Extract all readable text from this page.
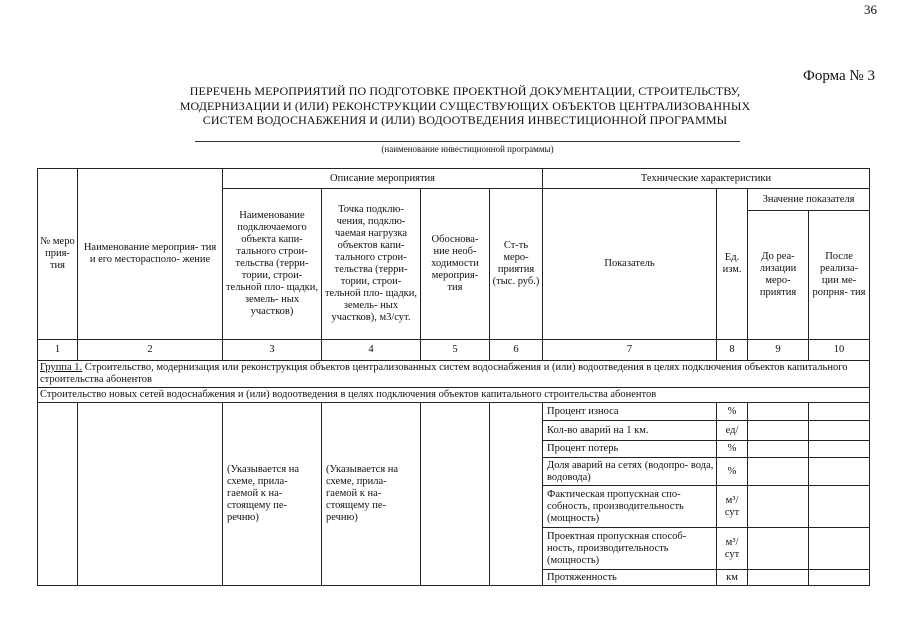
36
Форма № 3
ПЕРЕЧЕНЬ МЕРОПРИЯТИЙ ПО ПОДГОТОВКЕ ПРОЕКТНОЙ ДОКУМЕНТАЦИИ, СТРОИТЕЛЬСТВУ,
МОДЕРНИЗАЦИИ И (ИЛИ) РЕКОНСТРУКЦИИ СУЩЕСТВУЮЩИХ ОБЪЕКТОВ ЦЕНТРАЛИЗОВАННЫХ
СИСТЕМ ВОДОСНАБЖЕНИЯ И (ИЛИ) ВОДООТВЕДЕНИЯ ИНВЕСТИЦИОННОЙ ПРОГРАММЫ
(наименование инвестиционной программы)
№ меро прия- тия	Наименование мероприя- тия и его месторасполо- жение	Описание мероприятия				Технические характеристики			
		Наименование подключаемого объекта капи- тального строи- тельства (терри- тории, строи- тельной пло- щадки, земель- ных участков)	Точка подклю- чения, подклю- чаемая нагрузка объектов капи- тального строи- тельства (терри- тории, строи- тельной пло- щадки, земель- ных участков), м3/сут.	Обоснова- ние необ- ходимости мероприя- тия	Ст-ть меро- приятия (тыс. руб.)	Показатель	Ед. изм.	Значение показателя	
								До реа- лизации меро- приятия	После реализа- ции ме- ропрня- тия
1	2	3	4	5	6	7	8	9	10
Группа 1. Строительство, модернизация или реконструкция объектов централизованных систем водоснабжения и (или) водоотведения в целях подключения объектов капитального строительства абонентов									
Строительство новых сетей водоснабжения и (или) водоотведения в целях подключения объектов капитального строительства абонентов									
		(Указывается на схеме, прила- гаемой к на- стоящему пе- речню)	(Указывается на схеме, прила- гаемой к на- стоящему пе- речню)			Процент износа	%		
						Кол-во аварий на 1 км.	ед/		
						Процент потерь	%		
						Доля аварий на сетях (водопро- вода, водовода)	%		
						Фактическая пропускная спо- собность, производительность (мощность)	м³/ сут		
						Проектная пропускная способ- ность, производительность (мощность)	м³/ сут		
						Протяженность	км		
